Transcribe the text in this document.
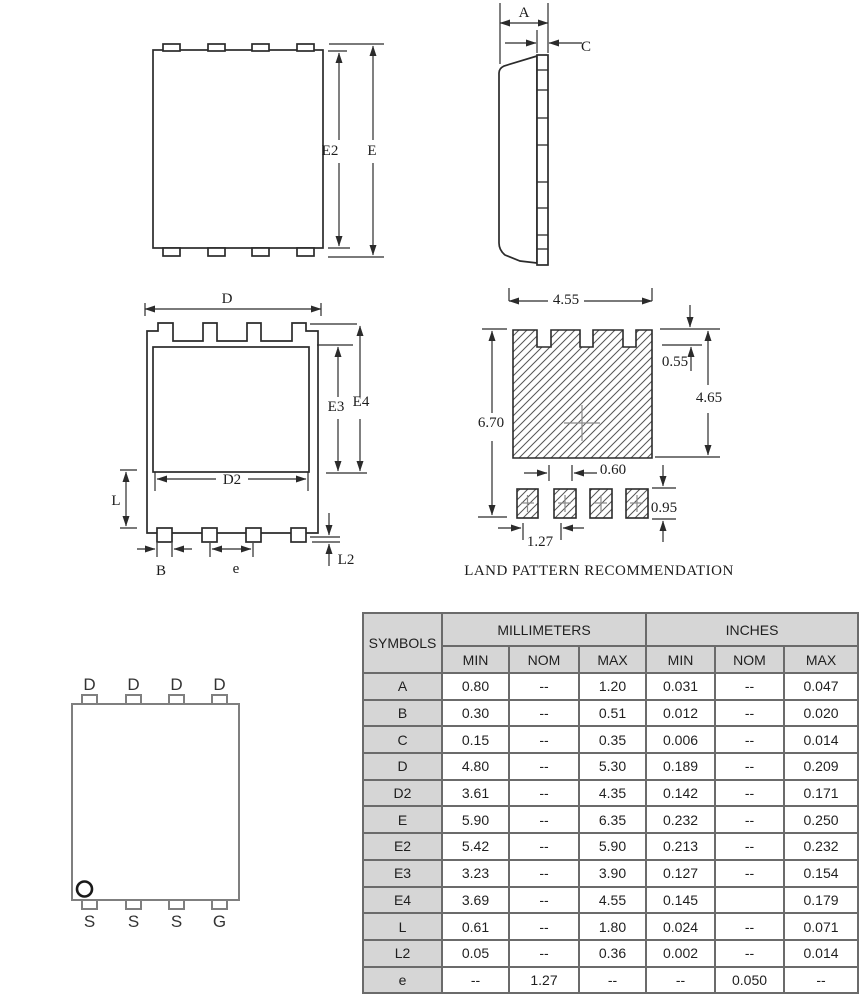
E2 E
A
C
D
D2
E3 E4
L
B	e
L2
4.55
0.55
4.65
6.70
0.60
0.95
1.27
LAND PATTERN RECOMMENDATION
D D D D
S S S G
SYMBOLS	MILLIMETERS			INCHES		
	MIN	NOM	MAX	MIN	NOM	MAX
A	0.80	--	1.20	0.031	--	0.047
B	0.30	--	0.51	0.012	--	0.020
C	0.15	--	0.35	0.006	--	0.014
D	4.80	--	5.30	0.189	--	0.209
D2	3.61	--	4.35	0.142	--	0.171
E	5.90	--	6.35	0.232	--	0.250
E2	5.42	--	5.90	0.213	--	0.232
E3	3.23	--	3.90	0.127	--	0.154
E4	3.69	--	4.55	0.145		0.179
L	0.61	--	1.80	0.024	--	0.071
L2	0.05	--	0.36	0.002	--	0.014
e	--	1.27	--	--	0.050	--
